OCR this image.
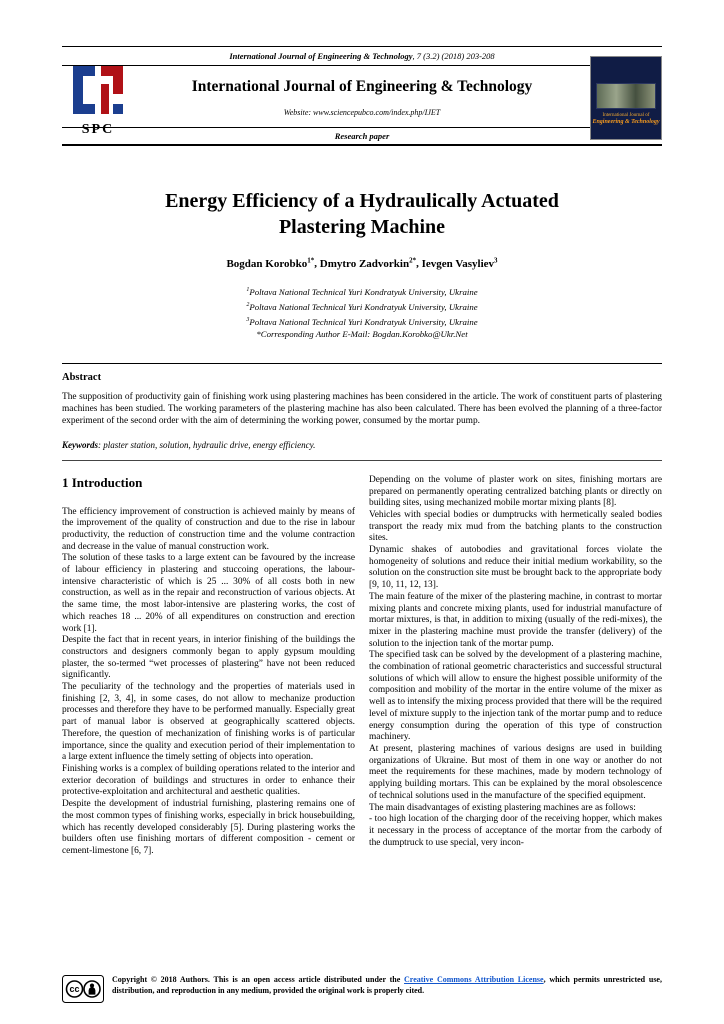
International Journal of Engineering & Technology, 7 (3.2) (2018) 203-208
International Journal of Engineering & Technology
Website: www.sciencepubco.com/index.php/IJET
Research paper
SPC
International Journal of
Engineering & Technology
Energy Efficiency of a Hydraulically Actuated
Plastering Machine
Bogdan Korobko$^{1*}$, Dmytro Zadvorkin$^{2*}$, Ievgen Vasyliev$^3$
$^1$Poltava National Technical Yuri Kondratyuk University, Ukraine
$^2$Poltava National Technical Yuri Kondratyuk University, Ukraine
$^3$Poltava National Technical Yuri Kondratyuk University, Ukraine
*Corresponding Author E-Mail: Bogdan.Korobko@Ukr.Net
Abstract

The supposition of productivity gain of finishing work using plastering machines has been considered in the article. The work of constituent parts of plastering machines has been studied. The working parameters of the plastering machine has also been calculated. There has been evolved the planning of a three-factor experiment of the second order with the aim of determining the working power, consumed by the mortar pump.

Keywords: plaster station, solution, hydraulic drive, energy efficiency.
1 Introduction

The efficiency improvement of construction is achieved mainly by means of the improvement of the quality of construction and due to the rise in labour productivity, the reduction of construction time and the volume contraction and decrease in the value of manual construction work.

The solution of these tasks to a large extent can be favoured by the increase of labour efficiency in plastering and stuccoing operations, the labour-intensive characteristic of which is 25 ... 30% of all costs both in new construction, as well as in the repair and reconstruction of various objects. At the same time, the most labor-intensive are plastering works, the cost of which reaches 18 ... 20% of all expenditures on construction and erection work [1].

Despite the fact that in recent years, in interior finishing of the buildings the constructors and designers commonly began to apply gypsum moulding plaster, the so-termed “wet processes of plastering” have not been reduced significantly.

The peculiarity of the technology and the properties of materials used in finishing [2, 3, 4], in some cases, do not allow to mechanize production processes and therefore they have to be performed manually. Especially great part of manual labor is observed at geographically scattered objects. Therefore, the question of mechanization of finishing works is of particular importance, since the quality and execution period of their implementation to a large extent influence the timely setting of objects into operation.

Finishing works is a complex of building operations related to the interior and exterior decoration of buildings and structures in order to enhance their protective-exploitation and architectural and aesthetic qualities.

Despite the development of industrial furnishing, plastering remains one of the most common types of finishing works, especially in brick housebuilding, which has recently developed considerably [5]. During plastering works the builders often use finishing mortars of different composition - cement or cement-limestone [6, 7].

Depending on the volume of plaster work on sites, finishing mortars are prepared on permanently operating centralized batching plants or directly on building sites, using mechanized mobile mortar mixing plants [8].

Vehicles with special bodies or dumptrucks with hermetically sealed bodies transport the ready mix mud from the batching plants to the construction sites.

Dynamic shakes of autobodies and gravitational forces violate the homogeneity of solutions and reduce their initial medium workability, so the solution on the construction site must be brought back to the appropriate body [9, 10, 11, 12, 13].

The main feature of the mixer of the plastering machine, in contrast to mortar mixing plants and concrete mixing plants, used for industrial manufacture of mortar mixtures, is that, in addition to mixing (usually of the redi-mixes), the mixer in the plastering machine must provide the transfer (delivery) of the solution to the injection tank of the mortar pump.

The specified task can be solved by the development of a plastering machine, the combination of rational geometric characteristics and successful structural solutions of which will allow to ensure the highest possible uniformity of the composition and mobility of the mortar in the entire volume of the mixer as well as to intensify the mixing process provided that there will be the required level of mixture supply to the injection tank of the mortar pump and to reduce energy consumption during the operation of this type of construction machinery.

At present, plastering machines of various designs are used in building organizations of Ukraine. But most of them in one way or another do not meet the requirements for these machines, made by modern technology of applying building mortars. This can be explained by the moral obsolescence of technical solutions used in the manufacture of the specified equipment.

The main disadvantages of existing plastering machines are as follows:

- too high location of the charging door of the receiving hopper, which makes it necessary in the process of acceptance of the mortar from the carbody of the dumptruck to use special, very incon-

cc

Copyright © 2018 Authors. This is an open access article distributed under the Creative Commons Attribution License, which permits unrestricted use, distribution, and reproduction in any medium, provided the original work is properly cited.
